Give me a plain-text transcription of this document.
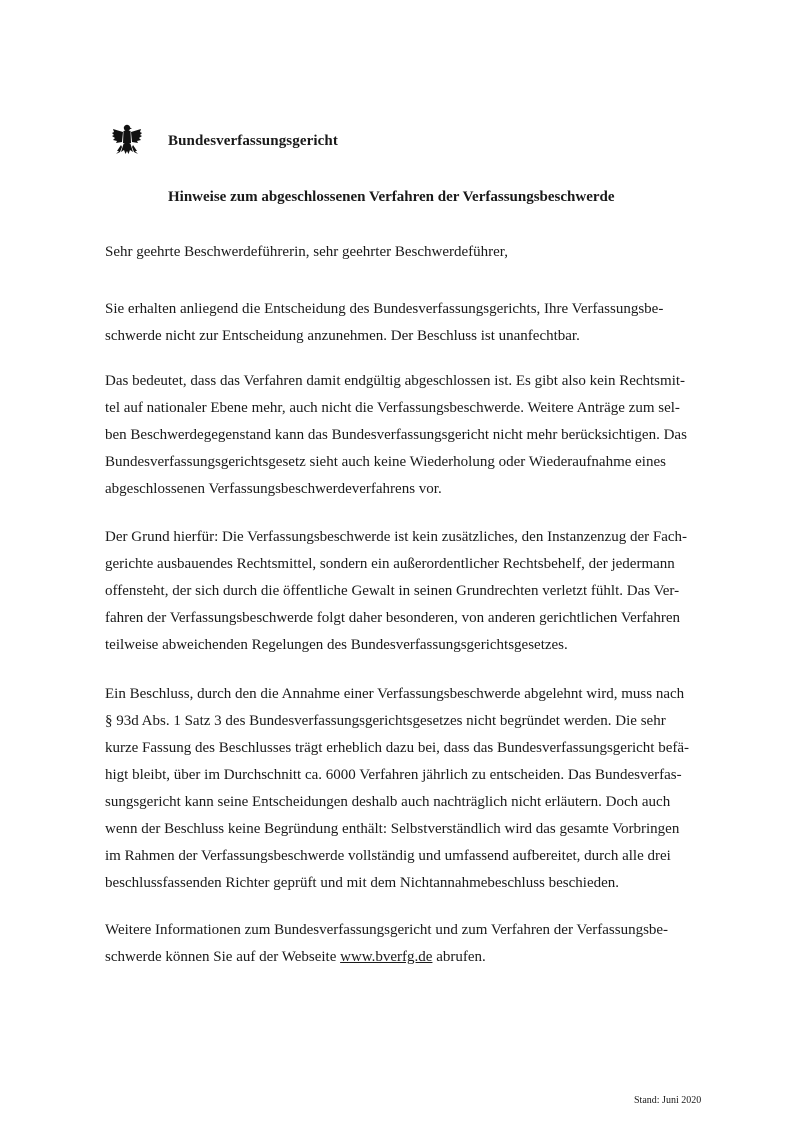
Bundesverfassungsgericht
Hinweise zum abgeschlossenen Verfahren der Verfassungsbeschwerde
Sehr geehrte Beschwerdeführerin, sehr geehrter Beschwerdeführer,
Sie erhalten anliegend die Entscheidung des Bundesverfassungsgerichts, Ihre Verfassungsbe-
schwerde nicht zur Entscheidung anzunehmen. Der Beschluss ist unanfechtbar.
Das bedeutet, dass das Verfahren damit endgültig abgeschlossen ist. Es gibt also kein Rechtsmit-
tel auf nationaler Ebene mehr, auch nicht die Verfassungsbeschwerde. Weitere Anträge zum sel-
ben Beschwerdegegenstand kann das Bundesverfassungsgericht nicht mehr berücksichtigen. Das
Bundesverfassungsgerichtsgesetz sieht auch keine Wiederholung oder Wiederaufnahme eines
abgeschlossenen Verfassungsbeschwerdeverfahrens vor.
Der Grund hierfür: Die Verfassungsbeschwerde ist kein zusätzliches, den Instanzenzug der Fach-
gerichte ausbauendes Rechtsmittel, sondern ein außerordentlicher Rechtsbehelf, der jedermann
offensteht, der sich durch die öffentliche Gewalt in seinen Grundrechten verletzt fühlt. Das Ver-
fahren der Verfassungsbeschwerde folgt daher besonderen, von anderen gerichtlichen Verfahren
teilweise abweichenden Regelungen des Bundesverfassungsgerichtsgesetzes.
Ein Beschluss, durch den die Annahme einer Verfassungsbeschwerde abgelehnt wird, muss nach
§ 93d Abs. 1 Satz 3 des Bundesverfassungsgerichtsgesetzes nicht begründet werden. Die sehr
kurze Fassung des Beschlusses trägt erheblich dazu bei, dass das Bundesverfassungsgericht befä-
higt bleibt, über im Durchschnitt ca. 6000 Verfahren jährlich zu entscheiden. Das Bundesverfas-
sungsgericht kann seine Entscheidungen deshalb auch nachträglich nicht erläutern. Doch auch
wenn der Beschluss keine Begründung enthält: Selbstverständlich wird das gesamte Vorbringen
im Rahmen der Verfassungsbeschwerde vollständig und umfassend aufbereitet, durch alle drei
beschlussfassenden Richter geprüft und mit dem Nichtannahmebeschluss beschieden.
Weitere Informationen zum Bundesverfassungsgericht und zum Verfahren der Verfassungsbe-
schwerde können Sie auf der Webseite www.bverfg.de abrufen.
Stand: Juni 2020
